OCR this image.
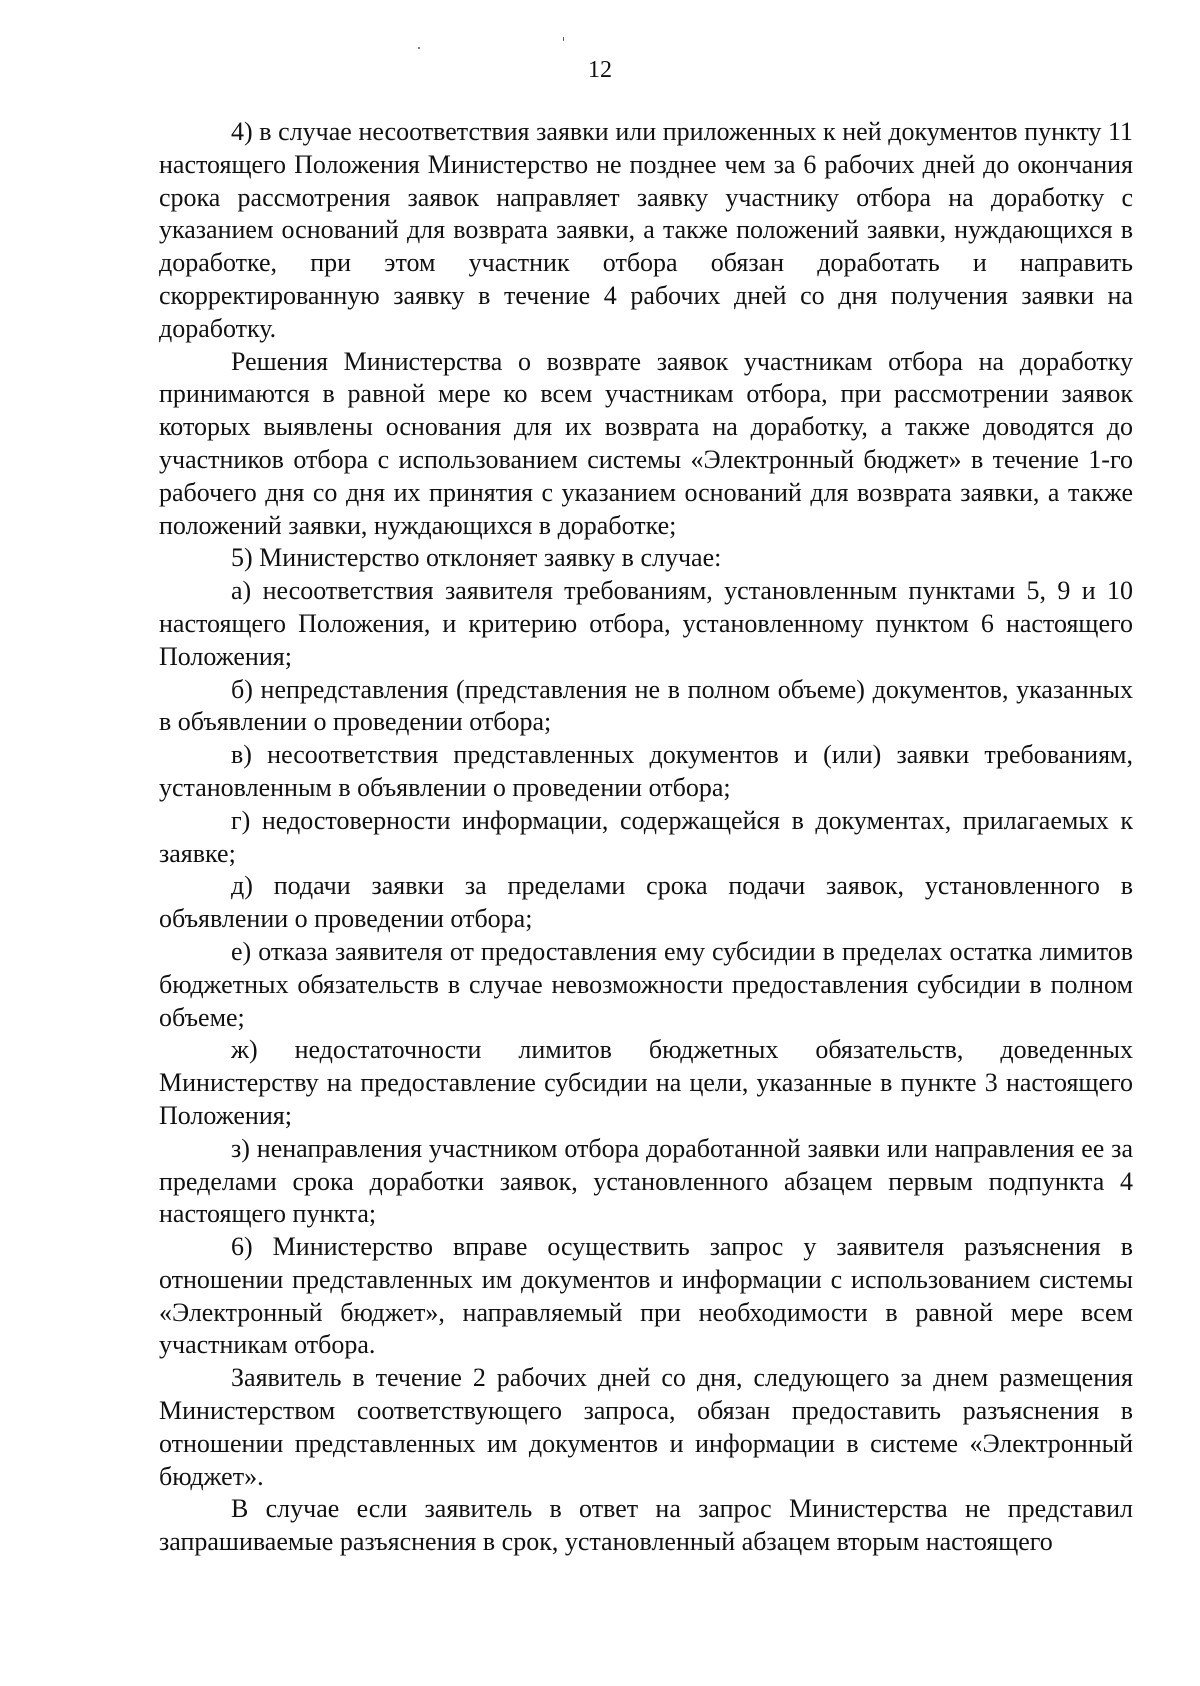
12

4) в случае несоответствия заявки или приложенных к ней документов пункту 11 настоящего Положения Министерство не позднее чем за 6 рабочих дней до окончания срока рассмотрения заявок направляет заявку участнику отбора на доработку с указанием оснований для возврата заявки, а также положений заявки, нуждающихся в доработке, при этом участник отбора обязан доработать и направить скорректированную заявку в течение 4 рабочих дней со дня получения заявки на доработку.

Решения Министерства о возврате заявок участникам отбора на доработку принимаются в равной мере ко всем участникам отбора, при рассмотрении заявок которых выявлены основания для их возврата на доработку, а также доводятся до участников отбора с использованием системы «Электронный бюджет» в течение 1-го рабочего дня со дня их принятия с указанием оснований для возврата заявки, а также положений заявки, нуждающихся в доработке;

5) Министерство отклоняет заявку в случае:

а) несоответствия заявителя требованиям, установленным пунктами 5, 9 и 10 настоящего Положения, и критерию отбора, установленному пунктом 6 настоящего Положения;

б) непредставления (представления не в полном объеме) документов, указанных в объявлении о проведении отбора;

в) несоответствия представленных документов и (или) заявки требованиям, установленным в объявлении о проведении отбора;

г) недостоверности информации, содержащейся в документах, прилагаемых к заявке;

д) подачи заявки за пределами срока подачи заявок, установленного в объявлении о проведении отбора;

е) отказа заявителя от предоставления ему субсидии в пределах остатка лимитов бюджетных обязательств в случае невозможности предоставления субсидии в полном объеме;

ж) недостаточности лимитов бюджетных обязательств, доведенных Министерству на предоставление субсидии на цели, указанные в пункте 3 настоящего Положения;

з) ненаправления участником отбора доработанной заявки или направления ее за пределами срока доработки заявок, установленного абзацем первым подпункта 4 настоящего пункта;

6) Министерство вправе осуществить запрос у заявителя разъяснения в отношении представленных им документов и информации с использованием системы «Электронный бюджет», направляемый при необходимости в равной мере всем участникам отбора.

Заявитель в течение 2 рабочих дней со дня, следующего за днем размещения Министерством соответствующего запроса, обязан предоставить разъяснения в отношении представленных им документов и информации в системе «Электронный бюджет».

В случае если заявитель в ответ на запрос Министерства не представил запрашиваемые разъяснения в срок, установленный абзацем вторым настоящего
